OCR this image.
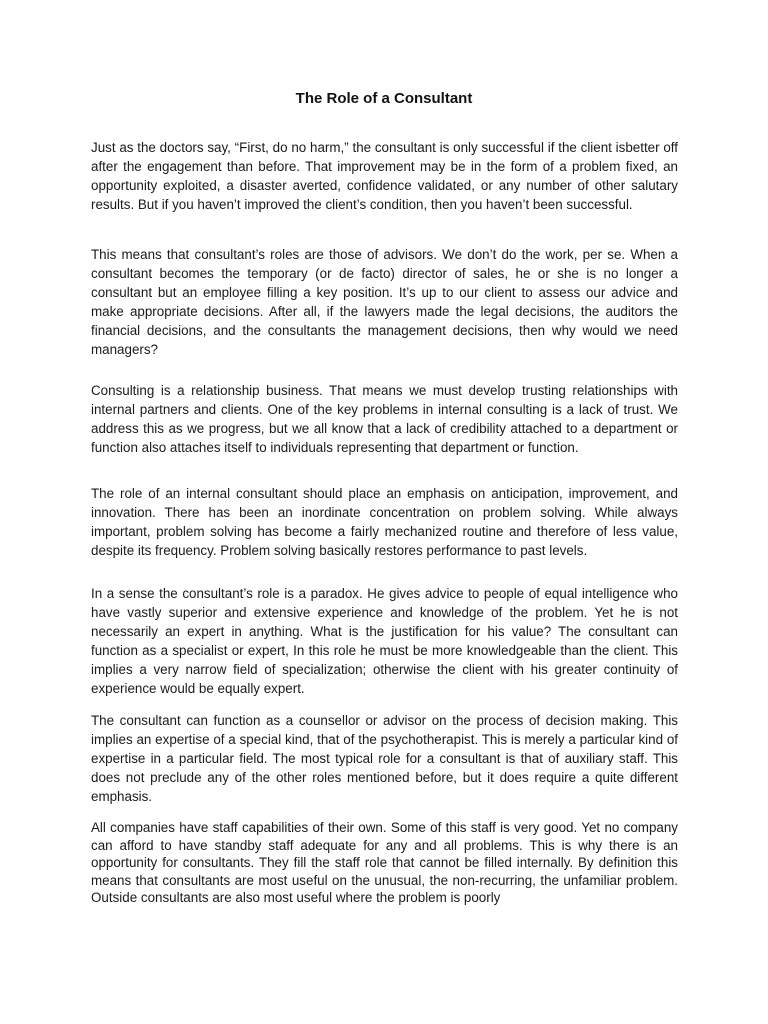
The Role of a Consultant

Just as the doctors say, “First, do no harm,” the consultant is only successful if the client isbetter off after the engagement than before. That improvement may be in the form of a problem fixed, an opportunity exploited, a disaster averted, confidence validated, or any number of other salutary results. But if you haven’t improved the client’s condition, then you haven’t been successful.

This means that consultant’s roles are those of advisors. We don’t do the work, per se. When a consultant becomes the temporary (or de facto) director of sales, he or she is no longer a consultant but an employee filling a key position. It’s up to our client to assess our advice and make appropriate decisions. After all, if the lawyers made the legal decisions, the auditors the financial decisions, and the consultants the management decisions, then why would we need managers?

Consulting is a relationship business. That means we must develop trusting relationships with internal partners and clients. One of the key problems in internal consulting is a lack of trust. We address this as we progress, but we all know that a lack of credibility attached to a department or function also attaches itself to individuals representing that department or function.

The role of an internal consultant should place an emphasis on anticipation, improvement, and innovation. There has been an inordinate concentration on problem solving. While always important, problem solving has become a fairly mechanized routine and therefore of less value, despite its frequency. Problem solving basically restores performance to past levels.

In a sense the consultant’s role is a paradox. He gives advice to people of equal intelligence who have vastly superior and extensive experience and knowledge of the problem. Yet he is not necessarily an expert in anything. What is the justification for his value? The consultant can function as a specialist or expert, In this role he must be more knowledgeable than the client. This implies a very narrow field of specialization; otherwise the client with his greater continuity of experience would be equally expert.

The consultant can function as a counsellor or advisor on the process of decision making. This implies an expertise of a special kind, that of the psychotherapist. This is merely a particular kind of expertise in a particular field. The most typical role for a consultant is that of auxiliary staff. This does not preclude any of the other roles mentioned before, but it does require a quite different emphasis.

All companies have staff capabilities of their own. Some of this staff is very good. Yet no company can afford to have standby staff adequate for any and all problems. This is why there is an opportunity for consultants. They fill the staff role that cannot be filled internally. By definition this means that consultants are most useful on the unusual, the non-recurring, the unfamiliar problem. Outside consultants are also most useful where the problem is poorly
